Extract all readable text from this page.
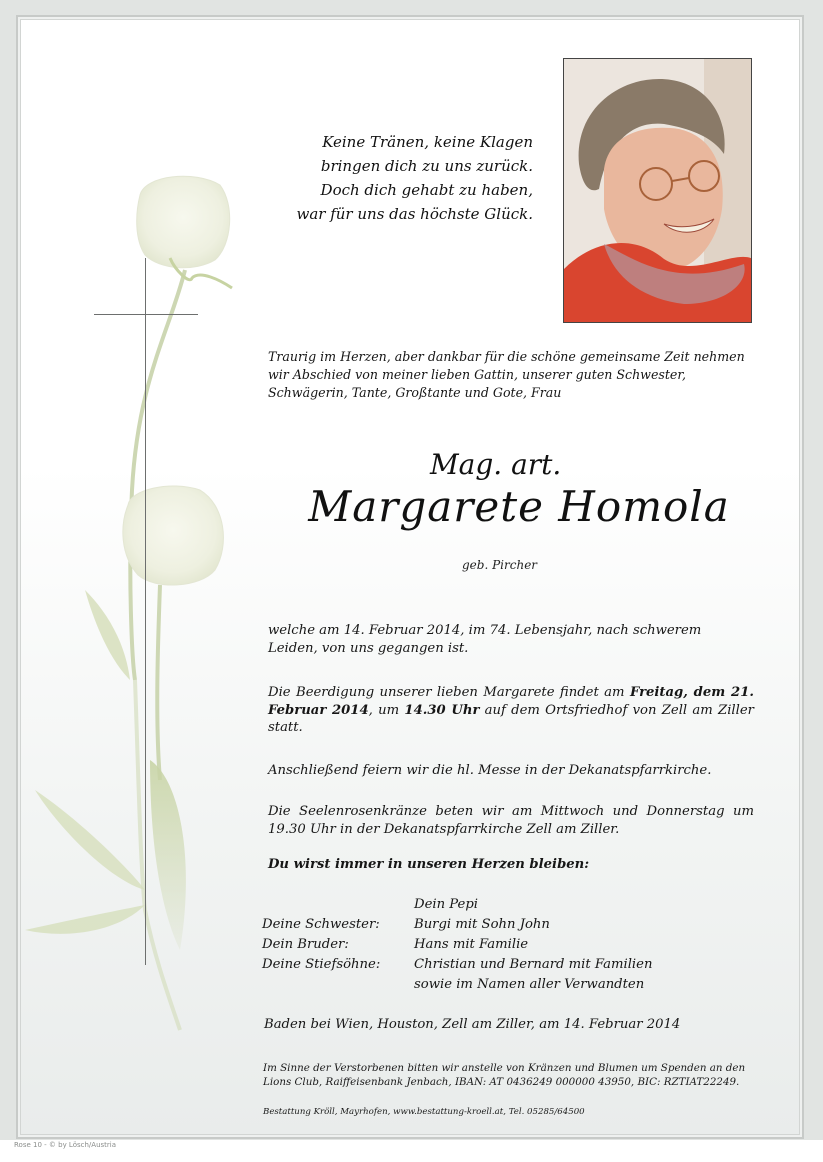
Keine Tränen, keine Klagen
bringen dich zu uns zurück.
Doch dich gehabt zu haben,
war für uns das höchste Glück.
Traurig im Herzen, aber dankbar für die schöne gemeinsame Zeit nehmen wir Abschied von meiner lieben Gattin, unserer guten Schwester, Schwägerin, Tante, Großtante und Gote, Frau
Mag. art.
Margarete Homola
geb. Pircher
welche am 14. Februar 2014, im 74. Lebensjahr, nach schwerem Leiden, von uns gegangen ist.
Die Beerdigung unserer lieben Margarete findet am Freitag, dem 21. Februar 2014, um 14.30 Uhr auf dem Ortsfriedhof von Zell am Ziller statt.
Anschließend feiern wir die hl. Messe in der Dekanatspfarrkirche.
Die Seelenrosenkränze beten wir am Mittwoch und Donnerstag um 19.30 Uhr in der Dekanatspfarrkirche Zell am Ziller.
Du wirst immer in unseren Herzen bleiben:
Dein Pepi
Deine Schwester:	Burgi mit Sohn John
Dein Bruder:	Hans mit Familie
Deine Stiefsöhne:	Christian und Bernard mit Familien
sowie im Namen aller Verwandten
Baden bei Wien, Houston, Zell am Ziller, am 14. Februar 2014
Im Sinne der Verstorbenen bitten wir anstelle von Kränzen und Blumen um Spenden an den Lions Club, Raiffeisenbank Jenbach, IBAN: AT 0436249 000000 43950, BIC: RZTIAT22249.
Bestattung Kröll, Mayrhofen, www.bestattung-kroell.at, Tel. 05285/64500
Rose 10 - © by Lösch/Austria
